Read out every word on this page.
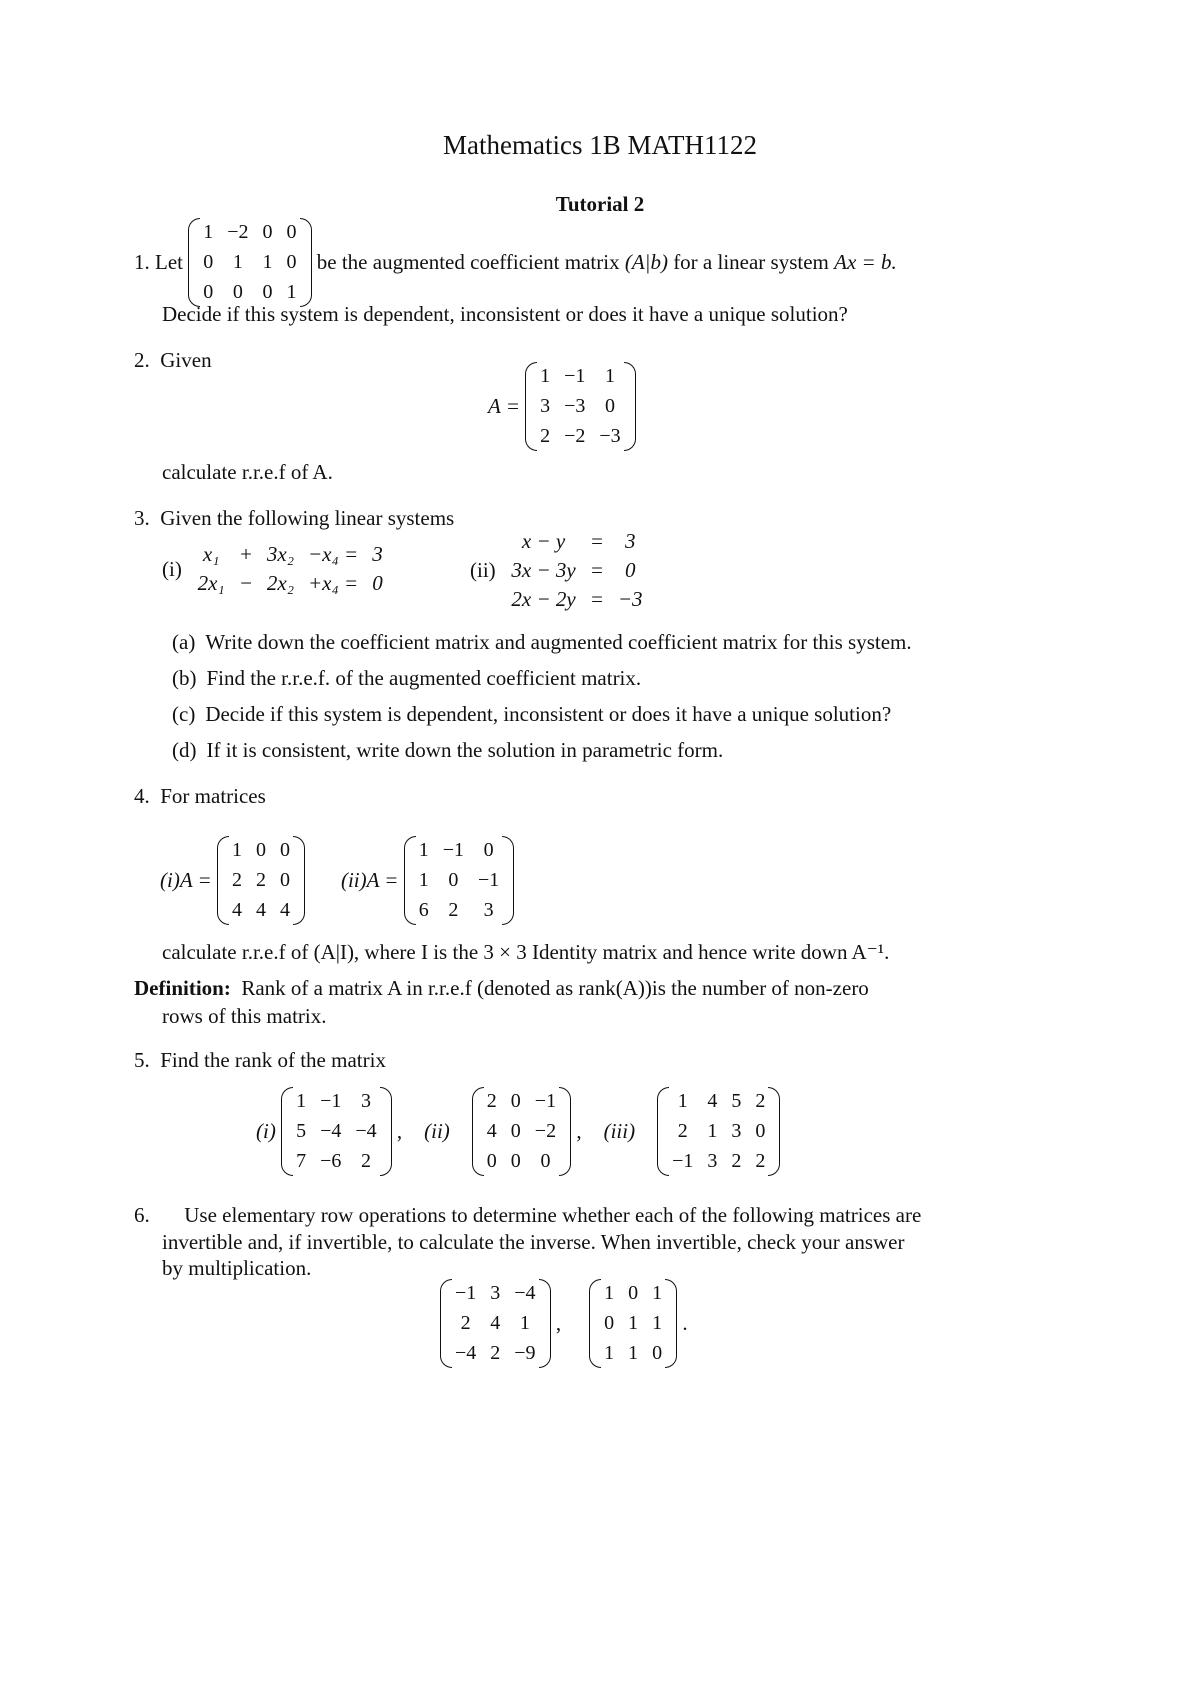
Mathematics 1B MATH1122
Tutorial 2
1.
Let

1 −2 0 0
0 1 1 0
0 0 0 1

be the augmented coefficient matrix
(A|b)
for a linear system
Ax = b.
Decide if this system is dependent, inconsistent or does it have a unique solution?
2. Given
A =

1 −1 1
3 −3 0
2 −2 −3
calculate r.r.e.f of A.
3. Given the following linear systems
(i)

x₁ + 3x₂ −x₄ = 3
2x₁ − 2x₂ +x₄ = 0
(ii)

x − y	=	3
3x − 3y =	0
2x − 2y = −3
(a) Write down the coefficient matrix and augmented coefficient matrix for this system.
(b) Find the r.r.e.f. of the augmented coefficient matrix.
(c) Decide if this system is dependent, inconsistent or does it have a unique solution?
(d) If it is consistent, write down the solution in parametric form.
4. For matrices
(i)A =

1 0 0
2 2 0
4 4 4
(ii)A =

1 −1 0
1 0 −1
6 2 3
calculate r.r.e.f of (A|I), where I is the 3 × 3 Identity matrix and hence write down A⁻¹.
Definition: Rank of a matrix A in r.r.e.f (denoted as rank(A))is the number of non-zero
rows of this matrix.
5. Find the rank of the matrix
(i)

1 −1 3
5 −4 −4
7 −6 2

, (ii)
2 0 −1
4 0 −2
0 0 0

, (iii)
1 4 5 2
2 1 3 0
−1 3 2 2
6. Use elementary row operations to determine whether each of the following matrices are
invertible and, if invertible, to calculate the inverse. When invertible, check your answer
by multiplication.
−1 3 −4
2 4 1
−4 2 −9

,
1 0 1
0 1 1
1 1 0

.
